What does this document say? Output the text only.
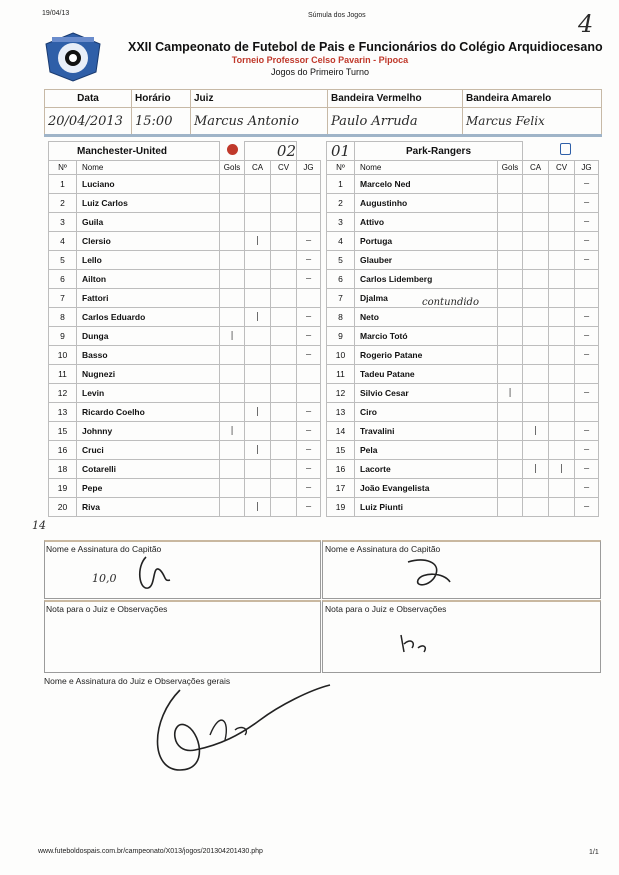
19/04/13	Súmula dos Jogos	4
XXII Campeonato de Futebol de Pais e Funcionários do Colégio Arquidiocesano
Torneio Professor Celso Pavarin - Pipoca
Jogos do Primeiro Turno
Data	Horário	Juiz	Bandeira Vermelho	Bandeira Amarelo
20/04/2013	15:00	Marcus Antonio	Paulo Arruda	Marcus Felix
Manchester-United			02		
Nº	Nome	Gols	CA	CV	JG
1	Luciano				
2	Luiz Carlos				
3	Guila				
4	Clersio		|		—
5	Lello				—
6	Ailton				—
7	Fattori				
8	Carlos Eduardo		|		—
9	Dunga	|			—
10	Basso				—
11	Nugnezi				
12	Levin				
13	Ricardo Coelho		|		—
15	Johnny	|			—
16	Cruci		|		—
18	Cotarelli				—
19	Pepe				—
20	Riva		|		—
01	Park-Rangers				
Nº	Nome	Gols	CA	CV	JG
1	Marcelo Ned				—
2	Augustinho				—
3	Attivo				—
4	Portuga				—
5	Glauber				—
6	Carlos Lidemberg				
7	Djalma				
8	Neto				—
9	Marcio Totó				—
10	Rogerio Patane				—
11	Tadeu Patane				
12	Silvio Cesar	|			—
13	Ciro				
14	Travalini		|		—
15	Pela				—
16	Lacorte		|	|	—
17	João Evangelista				—
19	Luiz Piunti				—
contundido
14
Nome e Assinatura do Capitão
10,0
Nome e Assinatura do Capitão
Nota para o Juiz e Observações	Nota para o Juiz e Observações
Nome e Assinatura do Juiz e Observações gerais
www.futeboldospais.com.br/campeonato/X013/jogos/201304201430.php	1/1
